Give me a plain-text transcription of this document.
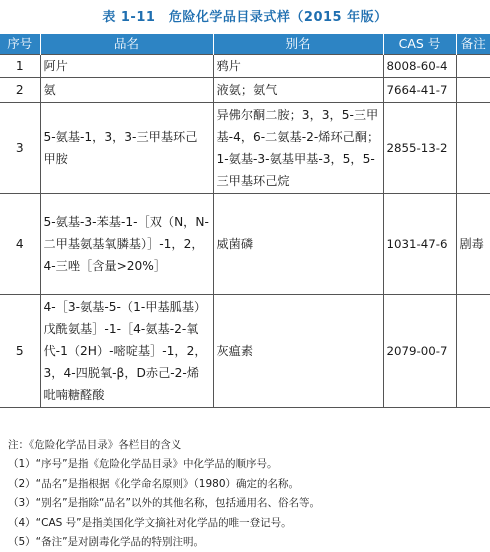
表 1-11　危险化学品目录式样（2015 年版）
序号	品名	别名	CAS 号	备注
1	阿片	鸦片	8008-60-4	
2	氨	液氨；氨气	7664-41-7	
3	5-氨基-1，3，3-三甲基环己甲胺	异佛尔酮二胺；3，3，5-三甲基-4，6-二氨基-2-烯环己酮；1-氨基-3-氨基甲基-3，5，5-三甲基环己烷	2855-13-2	
4	5-氨基-3-苯基-1-［双（N，N-二甲基氨基氧膦基）］-1，2，4-三唑［含量>20%］	威菌磷	1031-47-6	剧毒
5	4-［3-氨基-5-（1-甲基胍基）戊酰氨基］-1-［4-氨基-2-氧代-1（2H）-嘧啶基］-1，2，3，4-四脱氧-β，D赤己-2-烯吡喃糖醛酸	灰瘟素	2079-00-7	
注：《危险化学品目录》各栏目的含义
（1）“序号”是指《危险化学品目录》中化学品的顺序号。
（2）“品名”是指根据《化学命名原则》（1980）确定的名称。
（3）“别名”是指除“品名”以外的其他名称，包括通用名、俗名等。
（4）“CAS 号”是指美国化学文摘社对化学品的唯一登记号。
（5）“备注”是对剧毒化学品的特别注明。
